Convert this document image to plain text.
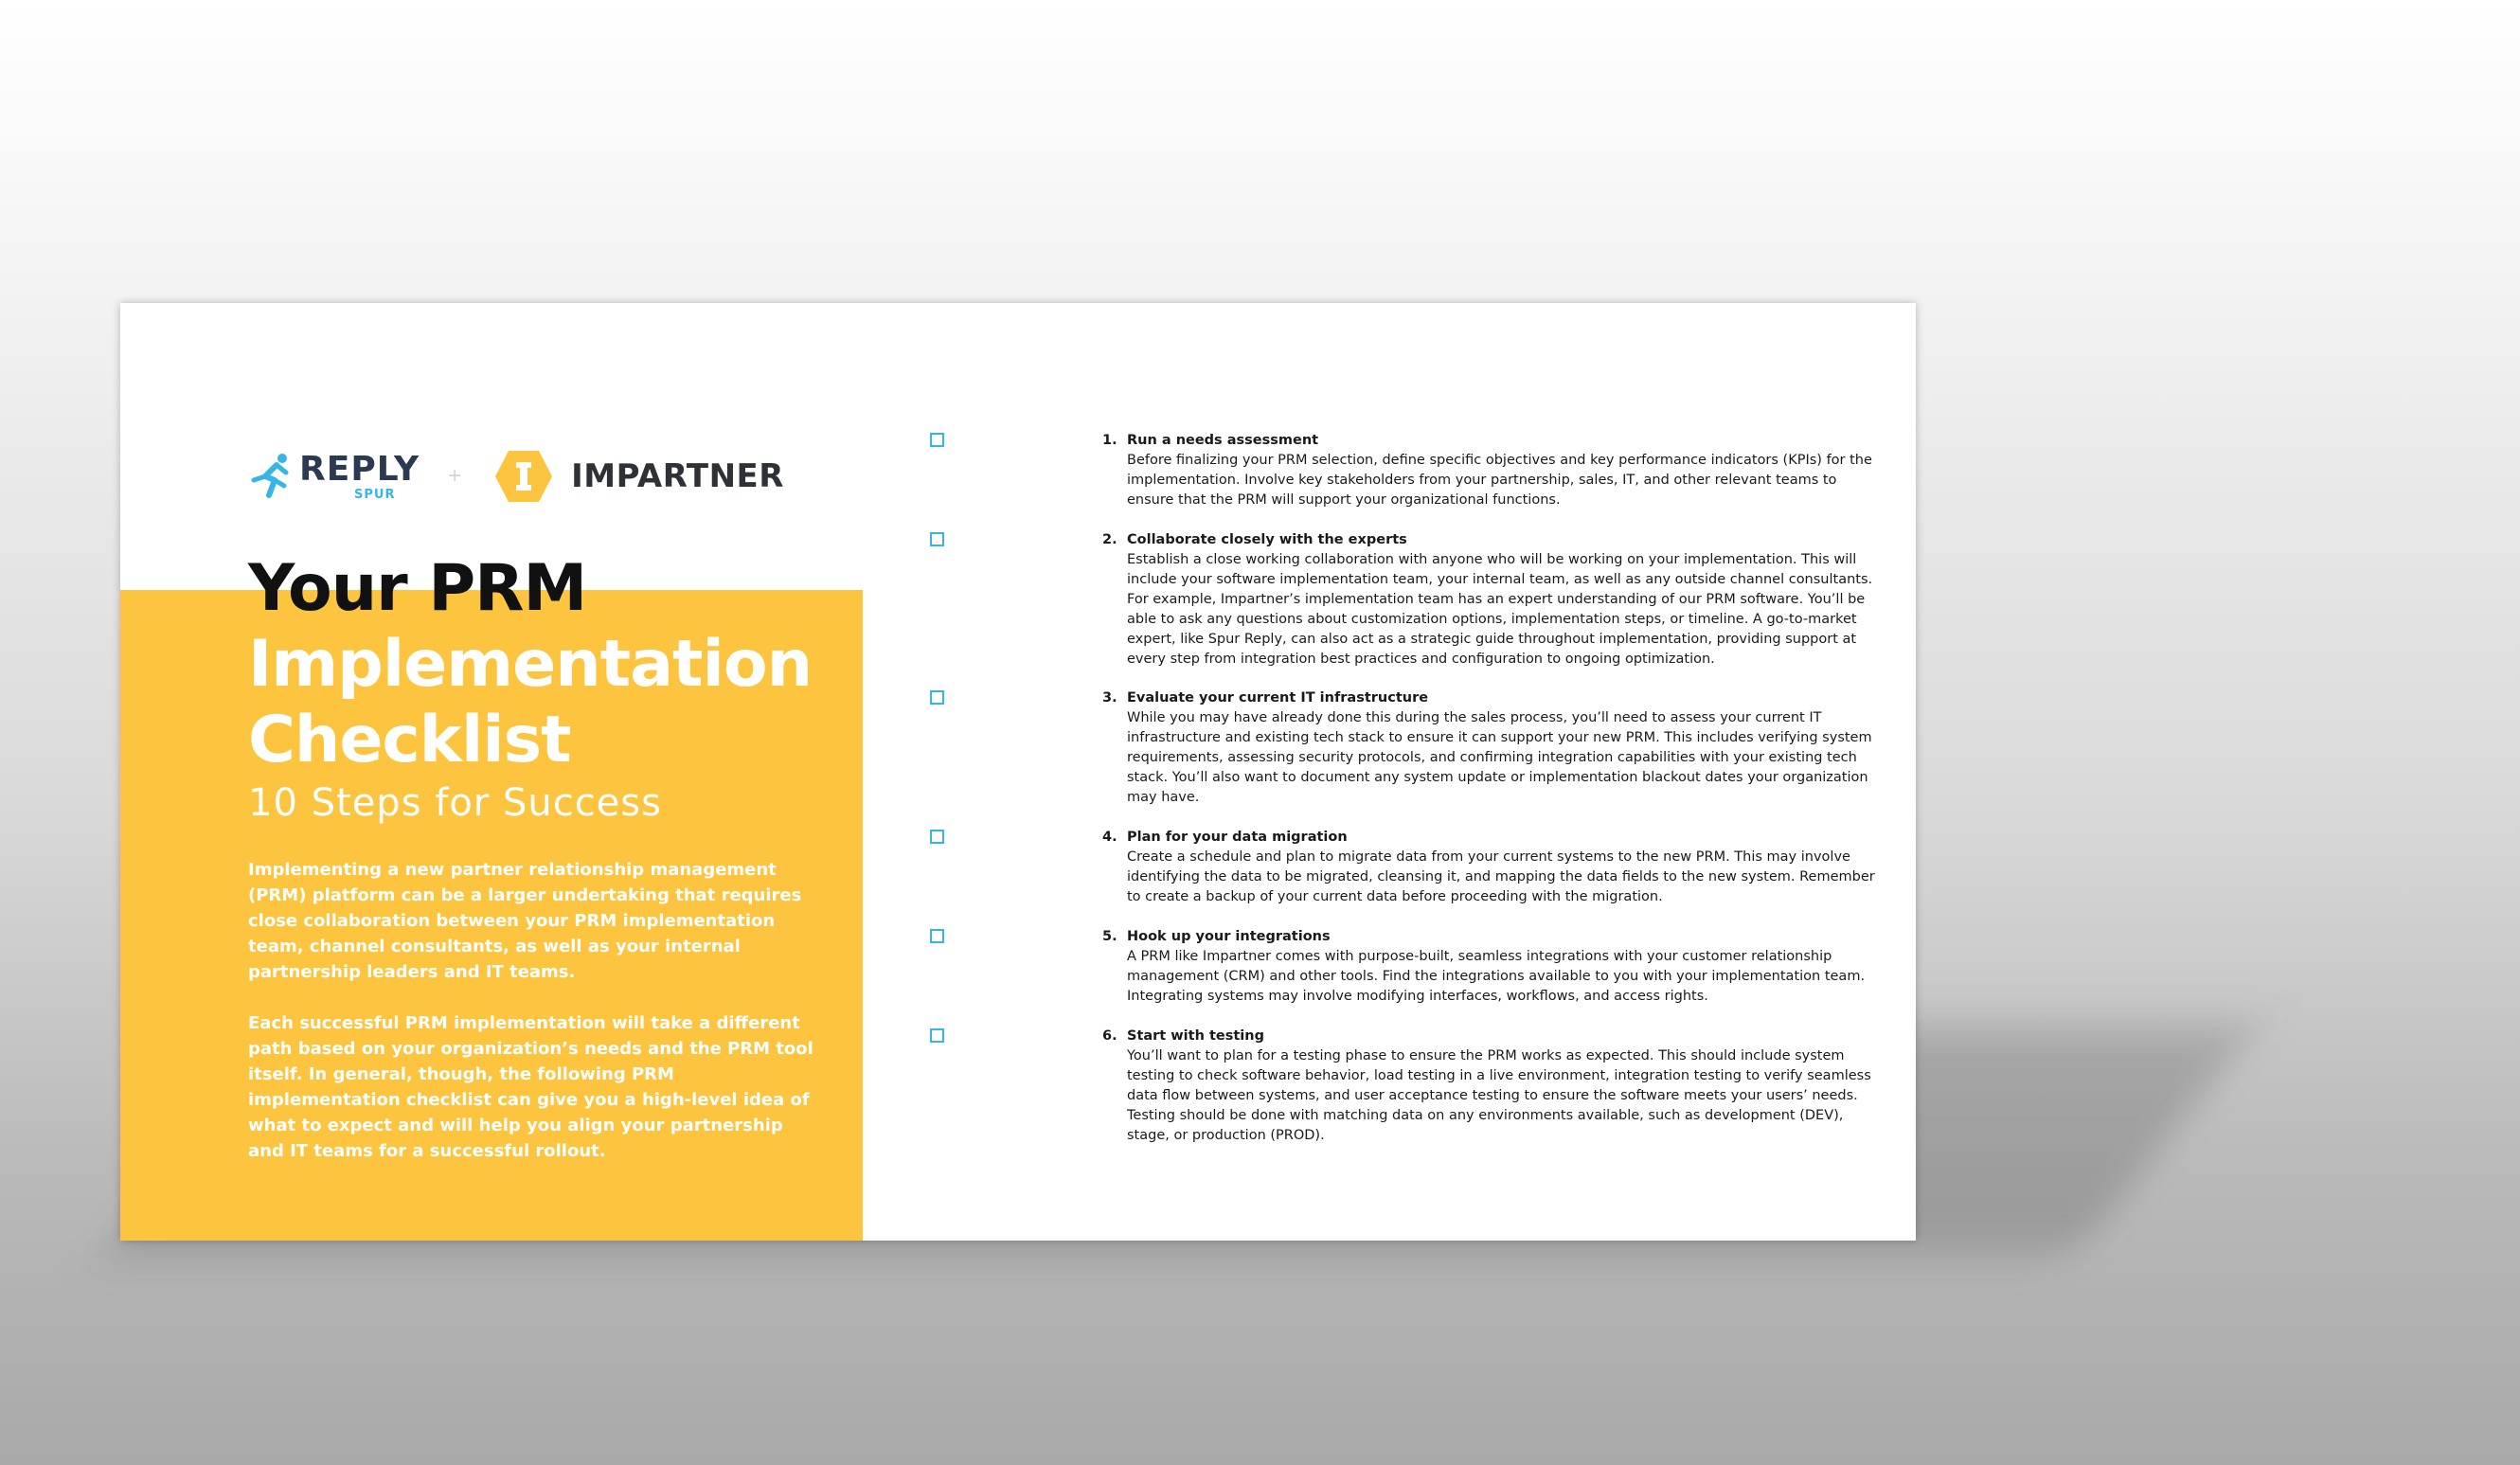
REPLY
SPUR
+	IMPARTNER
Your PRM
Implementation
Checklist
10 Steps for Success

Implementing a new partner relationship management (PRM) platform can be a larger undertaking that requires close collaboration between your PRM implementation team, channel consultants, as well as your internal partnership leaders and IT teams.

Each successful PRM implementation will take a different path based on your organization’s needs and the PRM tool itself. In general, though, the following PRM implementation checklist can give you a high-level idea of what to expect and will help you align your partnership and IT teams for a successful rollout.

1. Run a needs assessment
Before finalizing your PRM selection, define specific objectives and key performance indicators (KPIs) for the implementation. Involve key stakeholders from your partnership, sales, IT, and other relevant teams to ensure that the PRM will support your organizational functions.
2. Collaborate closely with the experts
Establish a close working collaboration with anyone who will be working on your implementation. This will include your software implementation team, your internal team, as well as any outside channel consultants. For example, Impartner’s implementation team has an expert understanding of our PRM software. You’ll be able to ask any questions about customization options, implementation steps, or timeline. A go-to-market expert, like Spur Reply, can also act as a strategic guide throughout implementation, providing support at every step from integration best practices and configuration to ongoing optimization.
3. Evaluate your current IT infrastructure
While you may have already done this during the sales process, you’ll need to assess your current IT infrastructure and existing tech stack to ensure it can support your new PRM. This includes verifying system requirements, assessing security protocols, and confirming integration capabilities with your existing tech stack. You’ll also want to document any system update or implementation blackout dates your organization may have.
4. Plan for your data migration
Create a schedule and plan to migrate data from your current systems to the new PRM. This may involve identifying the data to be migrated, cleansing it, and mapping the data fields to the new system. Remember to create a backup of your current data before proceeding with the migration.
5. Hook up your integrations
A PRM like Impartner comes with purpose-built, seamless integrations with your customer relationship management (CRM) and other tools. Find the integrations available to you with your implementation team. Integrating systems may involve modifying interfaces, workflows, and access rights.
6. Start with testing
You’ll want to plan for a testing phase to ensure the PRM works as expected. This should include system testing to check software behavior, load testing in a live environment, integration testing to verify seamless data flow between systems, and user acceptance testing to ensure the software meets your users’ needs. Testing should be done with matching data on any environments available, such as development (DEV), stage, or production (PROD).
